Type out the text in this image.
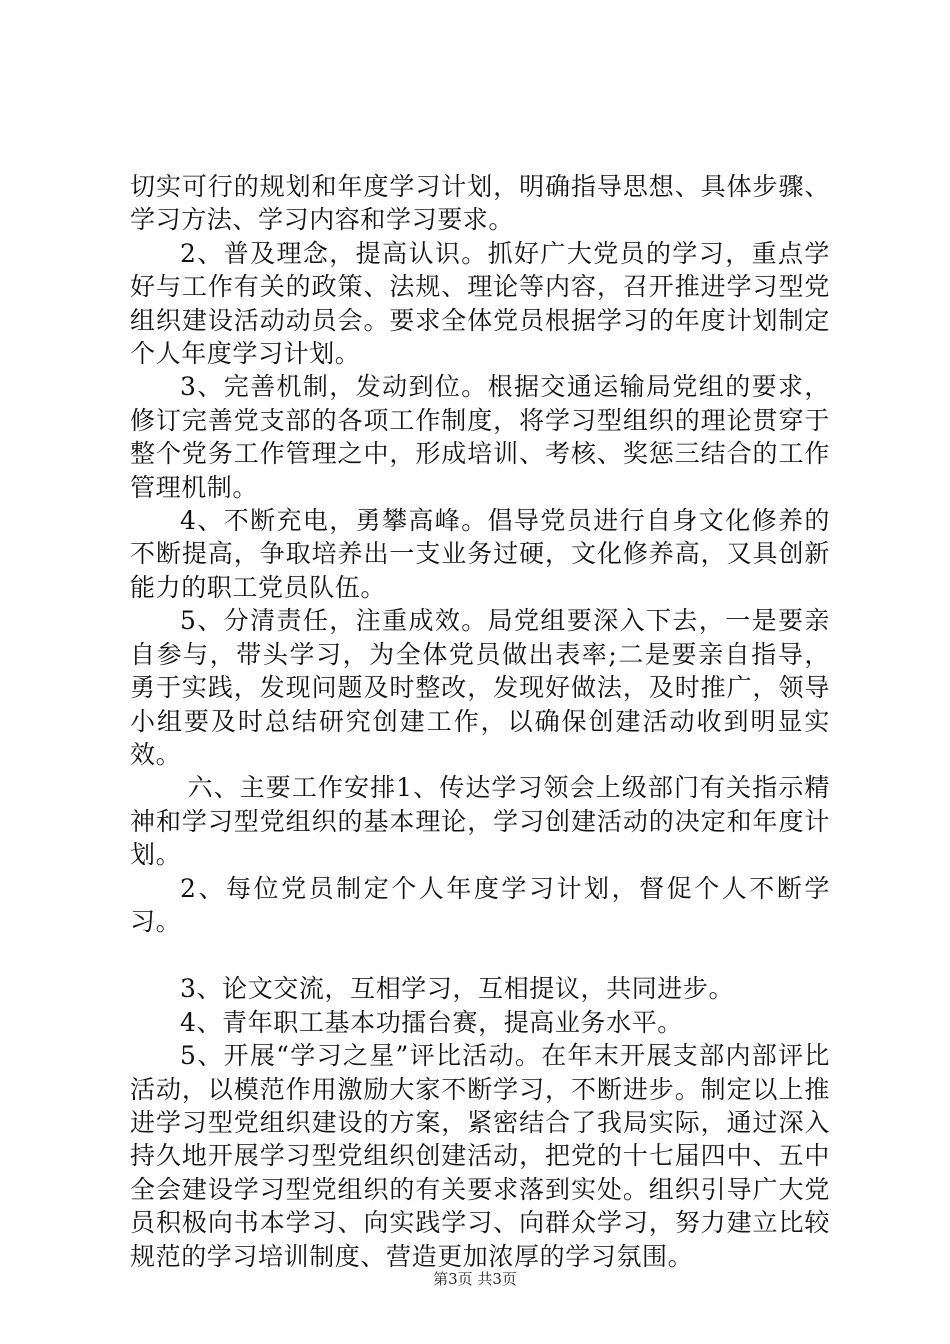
切实可行的规划和年度学习计划，明确指导思想、具体步骤、学习方法、学习内容和学习要求。

2、普及理念，提高认识。抓好广大党员的学习，重点学好与工作有关的政策、法规、理论等内容，召开推进学习型党组织建设活动动员会。要求全体党员根据学习的年度计划制定个人年度学习计划。

3、完善机制，发动到位。根据交通运输局党组的要求，修订完善党支部的各项工作制度，将学习型组织的理论贯穿于整个党务工作管理之中，形成培训、考核、奖惩三结合的工作管理机制。

4、不断充电，勇攀高峰。倡导党员进行自身文化修养的不断提高，争取培养出一支业务过硬，文化修养高，又具创新能力的职工党员队伍。

5、分清责任，注重成效。局党组要深入下去，一是要亲自参与，带头学习，为全体党员做出表率;二是要亲自指导，勇于实践，发现问题及时整改，发现好做法，及时推广，领导小组要及时总结研究创建工作，以确保创建活动收到明显实效。

六、主要工作安排1、传达学习领会上级部门有关指示精神和学习型党组织的基本理论，学习创建活动的决定和年度计划。

2、每位党员制定个人年度学习计划，督促个人不断学习。

3、论文交流，互相学习，互相提议，共同进步。

4、青年职工基本功擂台赛，提高业务水平。

5、开展“学习之星”评比活动。在年末开展支部内部评比活动，以模范作用激励大家不断学习，不断进步。制定以上推进学习型党组织建设的方案，紧密结合了我局实际，通过深入持久地开展学习型党组织创建活动，把党的十七届四中、五中全会建设学习型党组织的有关要求落到实处。组织引导广大党员积极向书本学习、向实践学习、向群众学习，努力建立比较规范的学习培训制度、营造更加浓厚的学习氛围。

第3页 共3页
